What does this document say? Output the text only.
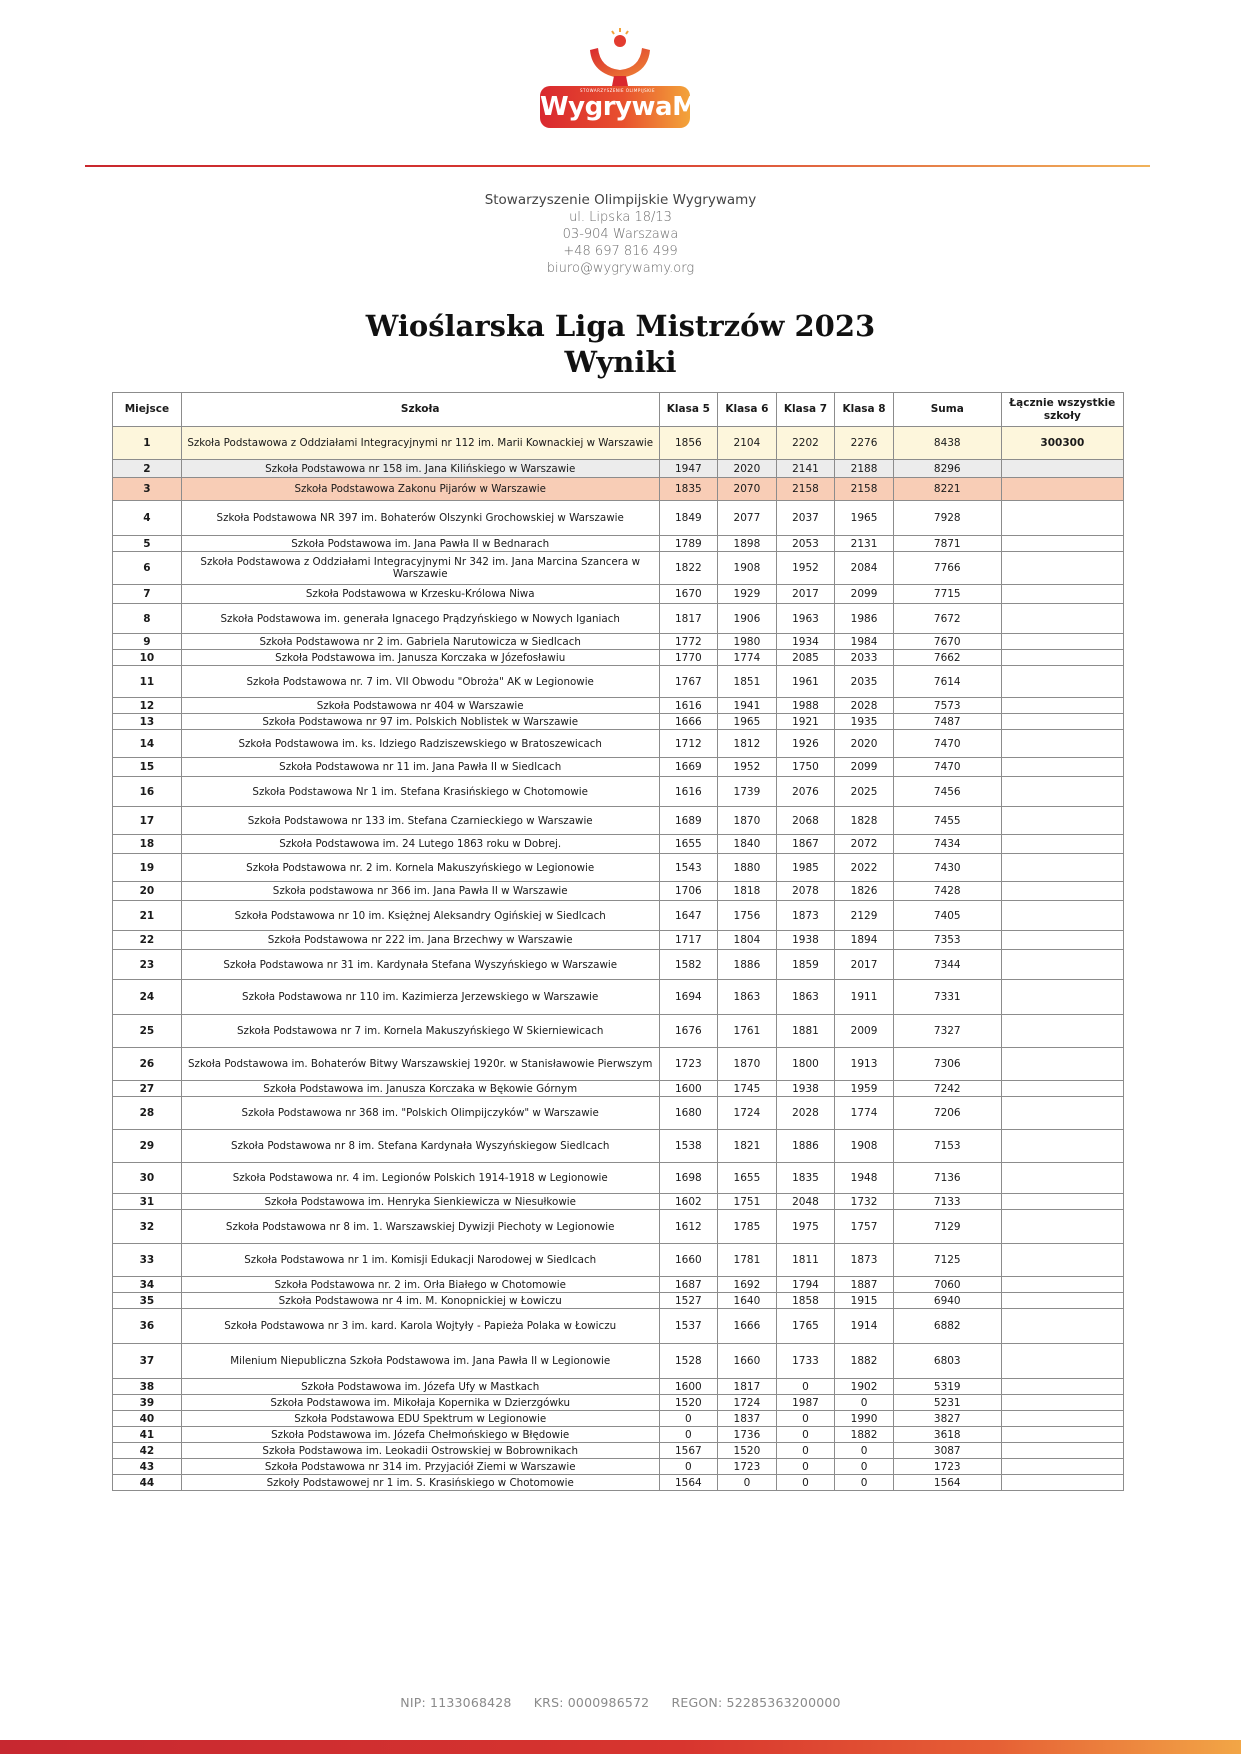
STOWARZYSZENIE OLIMPIJSKIE
WygrywaMy
Stowarzyszenie Olimpijskie Wygrywamy
ul. Lipska 18/13
03-904 Warszawa
+48 697 816 499
biuro@wygrywamy.org
Wioślarska Liga Mistrzów 2023
Wyniki
Miejsce	Szkoła	Klasa 5	Klasa 6	Klasa 7	Klasa 8	Suma	Łącznie wszystkie szkoły
1	Szkoła Podstawowa z Oddziałami Integracyjnymi nr 112 im. Marii Kownackiej w Warszawie	1856	2104	2202	2276	8438	300300
2	Szkoła Podstawowa nr 158 im. Jana Kilińskiego w Warszawie	1947	2020	2141	2188	8296	
3	Szkoła Podstawowa Zakonu Pijarów w Warszawie	1835	2070	2158	2158	8221	
4	Szkoła Podstawowa NR 397 im. Bohaterów Olszynki Grochowskiej w Warszawie	1849	2077	2037	1965	7928	
5	Szkoła Podstawowa im. Jana Pawła II w Bednarach	1789	1898	2053	2131	7871	
6	Szkoła Podstawowa z Oddziałami Integracyjnymi Nr 342 im. Jana Marcina Szancera w Warszawie	1822	1908	1952	2084	7766	
7	Szkoła Podstawowa w Krzesku-Królowa Niwa	1670	1929	2017	2099	7715	
8	Szkoła Podstawowa im. generała Ignacego Prądzyńskiego w Nowych Iganiach	1817	1906	1963	1986	7672	
9	Szkoła Podstawowa nr 2 im. Gabriela Narutowicza w Siedlcach	1772	1980	1934	1984	7670	
10	Szkoła Podstawowa im. Janusza Korczaka w Józefosławiu	1770	1774	2085	2033	7662	
11	Szkoła Podstawowa nr. 7 im. VII Obwodu "Obroża" AK w Legionowie	1767	1851	1961	2035	7614	
12	Szkoła Podstawowa nr 404 w Warszawie	1616	1941	1988	2028	7573	
13	Szkoła Podstawowa nr 97 im. Polskich Noblistek w Warszawie	1666	1965	1921	1935	7487	
14	Szkoła Podstawowa im. ks. Idziego Radziszewskiego w Bratoszewicach	1712	1812	1926	2020	7470	
15	Szkoła Podstawowa nr 11 im. Jana Pawła II w Siedlcach	1669	1952	1750	2099	7470	
16	Szkoła Podstawowa Nr 1 im. Stefana Krasińskiego w Chotomowie	1616	1739	2076	2025	7456	
17	Szkoła Podstawowa nr 133 im. Stefana Czarnieckiego w Warszawie	1689	1870	2068	1828	7455	
18	Szkoła Podstawowa im. 24 Lutego 1863 roku w Dobrej.	1655	1840	1867	2072	7434	
19	Szkoła Podstawowa nr. 2 im. Kornela Makuszyńskiego w Legionowie	1543	1880	1985	2022	7430	
20	Szkoła podstawowa nr 366 im. Jana Pawła II w Warszawie	1706	1818	2078	1826	7428	
21	Szkoła Podstawowa nr 10 im. Księżnej Aleksandry Ogińskiej w Siedlcach	1647	1756	1873	2129	7405	
22	Szkoła Podstawowa nr 222 im. Jana Brzechwy w Warszawie	1717	1804	1938	1894	7353	
23	Szkoła Podstawowa nr 31 im. Kardynała Stefana Wyszyńskiego w Warszawie	1582	1886	1859	2017	7344	
24	Szkoła Podstawowa nr 110 im. Kazimierza Jerzewskiego w Warszawie	1694	1863	1863	1911	7331	
25	Szkoła Podstawowa nr 7 im. Kornela Makuszyńskiego W Skierniewicach	1676	1761	1881	2009	7327	
26	Szkoła Podstawowa im. Bohaterów Bitwy Warszawskiej 1920r. w Stanisławowie Pierwszym	1723	1870	1800	1913	7306	
27	Szkoła Podstawowa im. Janusza Korczaka w Bękowie Górnym	1600	1745	1938	1959	7242	
28	Szkoła Podstawowa nr 368 im. "Polskich Olimpijczyków" w Warszawie	1680	1724	2028	1774	7206	
29	Szkoła Podstawowa nr 8 im. Stefana Kardynała Wyszyńskiegow Siedlcach	1538	1821	1886	1908	7153	
30	Szkoła Podstawowa nr. 4 im. Legionów Polskich 1914-1918 w Legionowie	1698	1655	1835	1948	7136	
31	Szkoła Podstawowa im. Henryka Sienkiewicza w Niesułkowie	1602	1751	2048	1732	7133	
32	Szkoła Podstawowa nr 8 im. 1. Warszawskiej Dywizji Piechoty w Legionowie	1612	1785	1975	1757	7129	
33	Szkoła Podstawowa nr 1 im. Komisji Edukacji Narodowej w Siedlcach	1660	1781	1811	1873	7125	
34	Szkoła Podstawowa nr. 2 im. Orła Białego w Chotomowie	1687	1692	1794	1887	7060	
35	Szkoła Podstawowa nr 4 im. M. Konopnickiej w Łowiczu	1527	1640	1858	1915	6940	
36	Szkoła Podstawowa nr 3 im. kard. Karola Wojtyły - Papieża Polaka w Łowiczu	1537	1666	1765	1914	6882	
37	Milenium Niepubliczna Szkoła Podstawowa im. Jana Pawła II w Legionowie	1528	1660	1733	1882	6803	
38	Szkoła Podstawowa im. Józefa Ufy w Mastkach	1600	1817	0	1902	5319	
39	Szkoła Podstawowa im. Mikołaja Kopernika w Dzierzgówku	1520	1724	1987	0	5231	
40	Szkoła Podstawowa EDU Spektrum w Legionowie	0	1837	0	1990	3827	
41	Szkoła Podstawowa im. Józefa Chełmońskiego w Błędowie	0	1736	0	1882	3618	
42	Szkoła Podstawowa im. Leokadii Ostrowskiej w Bobrownikach	1567	1520	0	0	3087	
43	Szkoła Podstawowa nr 314 im. Przyjaciół Ziemi w Warszawie	0	1723	0	0	1723	
44	Szkoły Podstawowej nr 1 im. S. Krasińskiego w Chotomowie	1564	0	0	0	1564	
NIP: 1133068428 KRS: 0000986572 REGON: 52285363200000
